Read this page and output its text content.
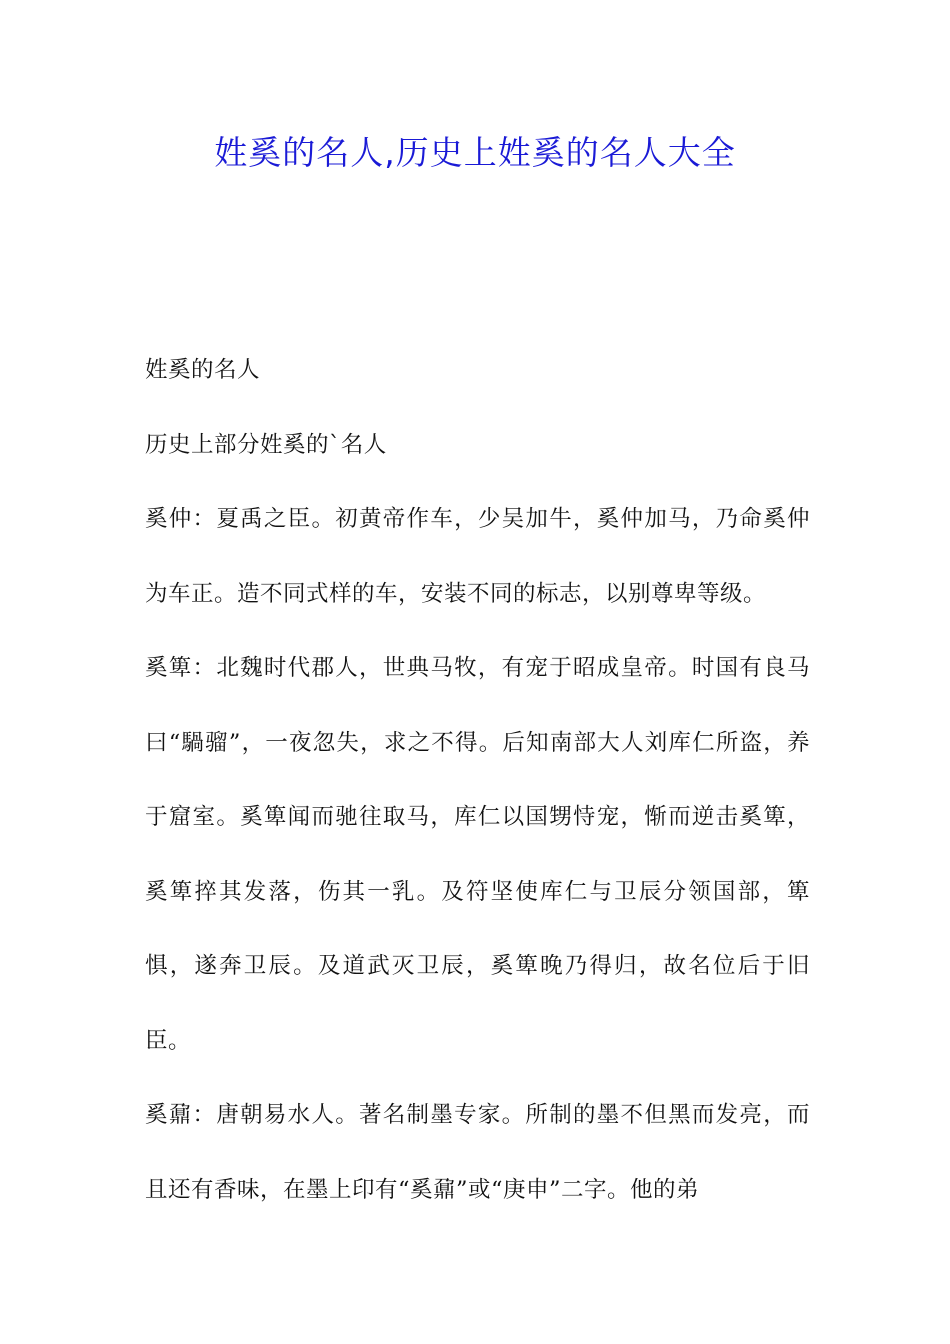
姓奚的名人,历史上姓奚的名人大全

姓奚的名人

历史上部分姓奚的`名人

奚仲：夏禹之臣。初黄帝作车，少吴加牛，奚仲加马，乃命奚仲为车正。造不同式样的车，安装不同的标志，以别尊卑等级。

奚箄：北魏时代郡人，世典马牧，有宠于昭成皇帝。时国有良马曰“騧骝”，一夜忽失，求之不得。后知南部大人刘库仁所盗，养于窟室。奚箄闻而驰往取马，库仁以国甥恃宠，惭而逆击奚箄，奚箄捽其发落，伤其一乳。及符坚使库仁与卫辰分领国部，箄惧，遂奔卫辰。及道武灭卫辰，奚箄晚乃得归，故名位后于旧臣。

奚鼐：唐朝易水人。著名制墨专家。所制的墨不但黑而发亮，而且还有香味，在墨上印有“奚鼐”或“庚申”二字。他的弟
